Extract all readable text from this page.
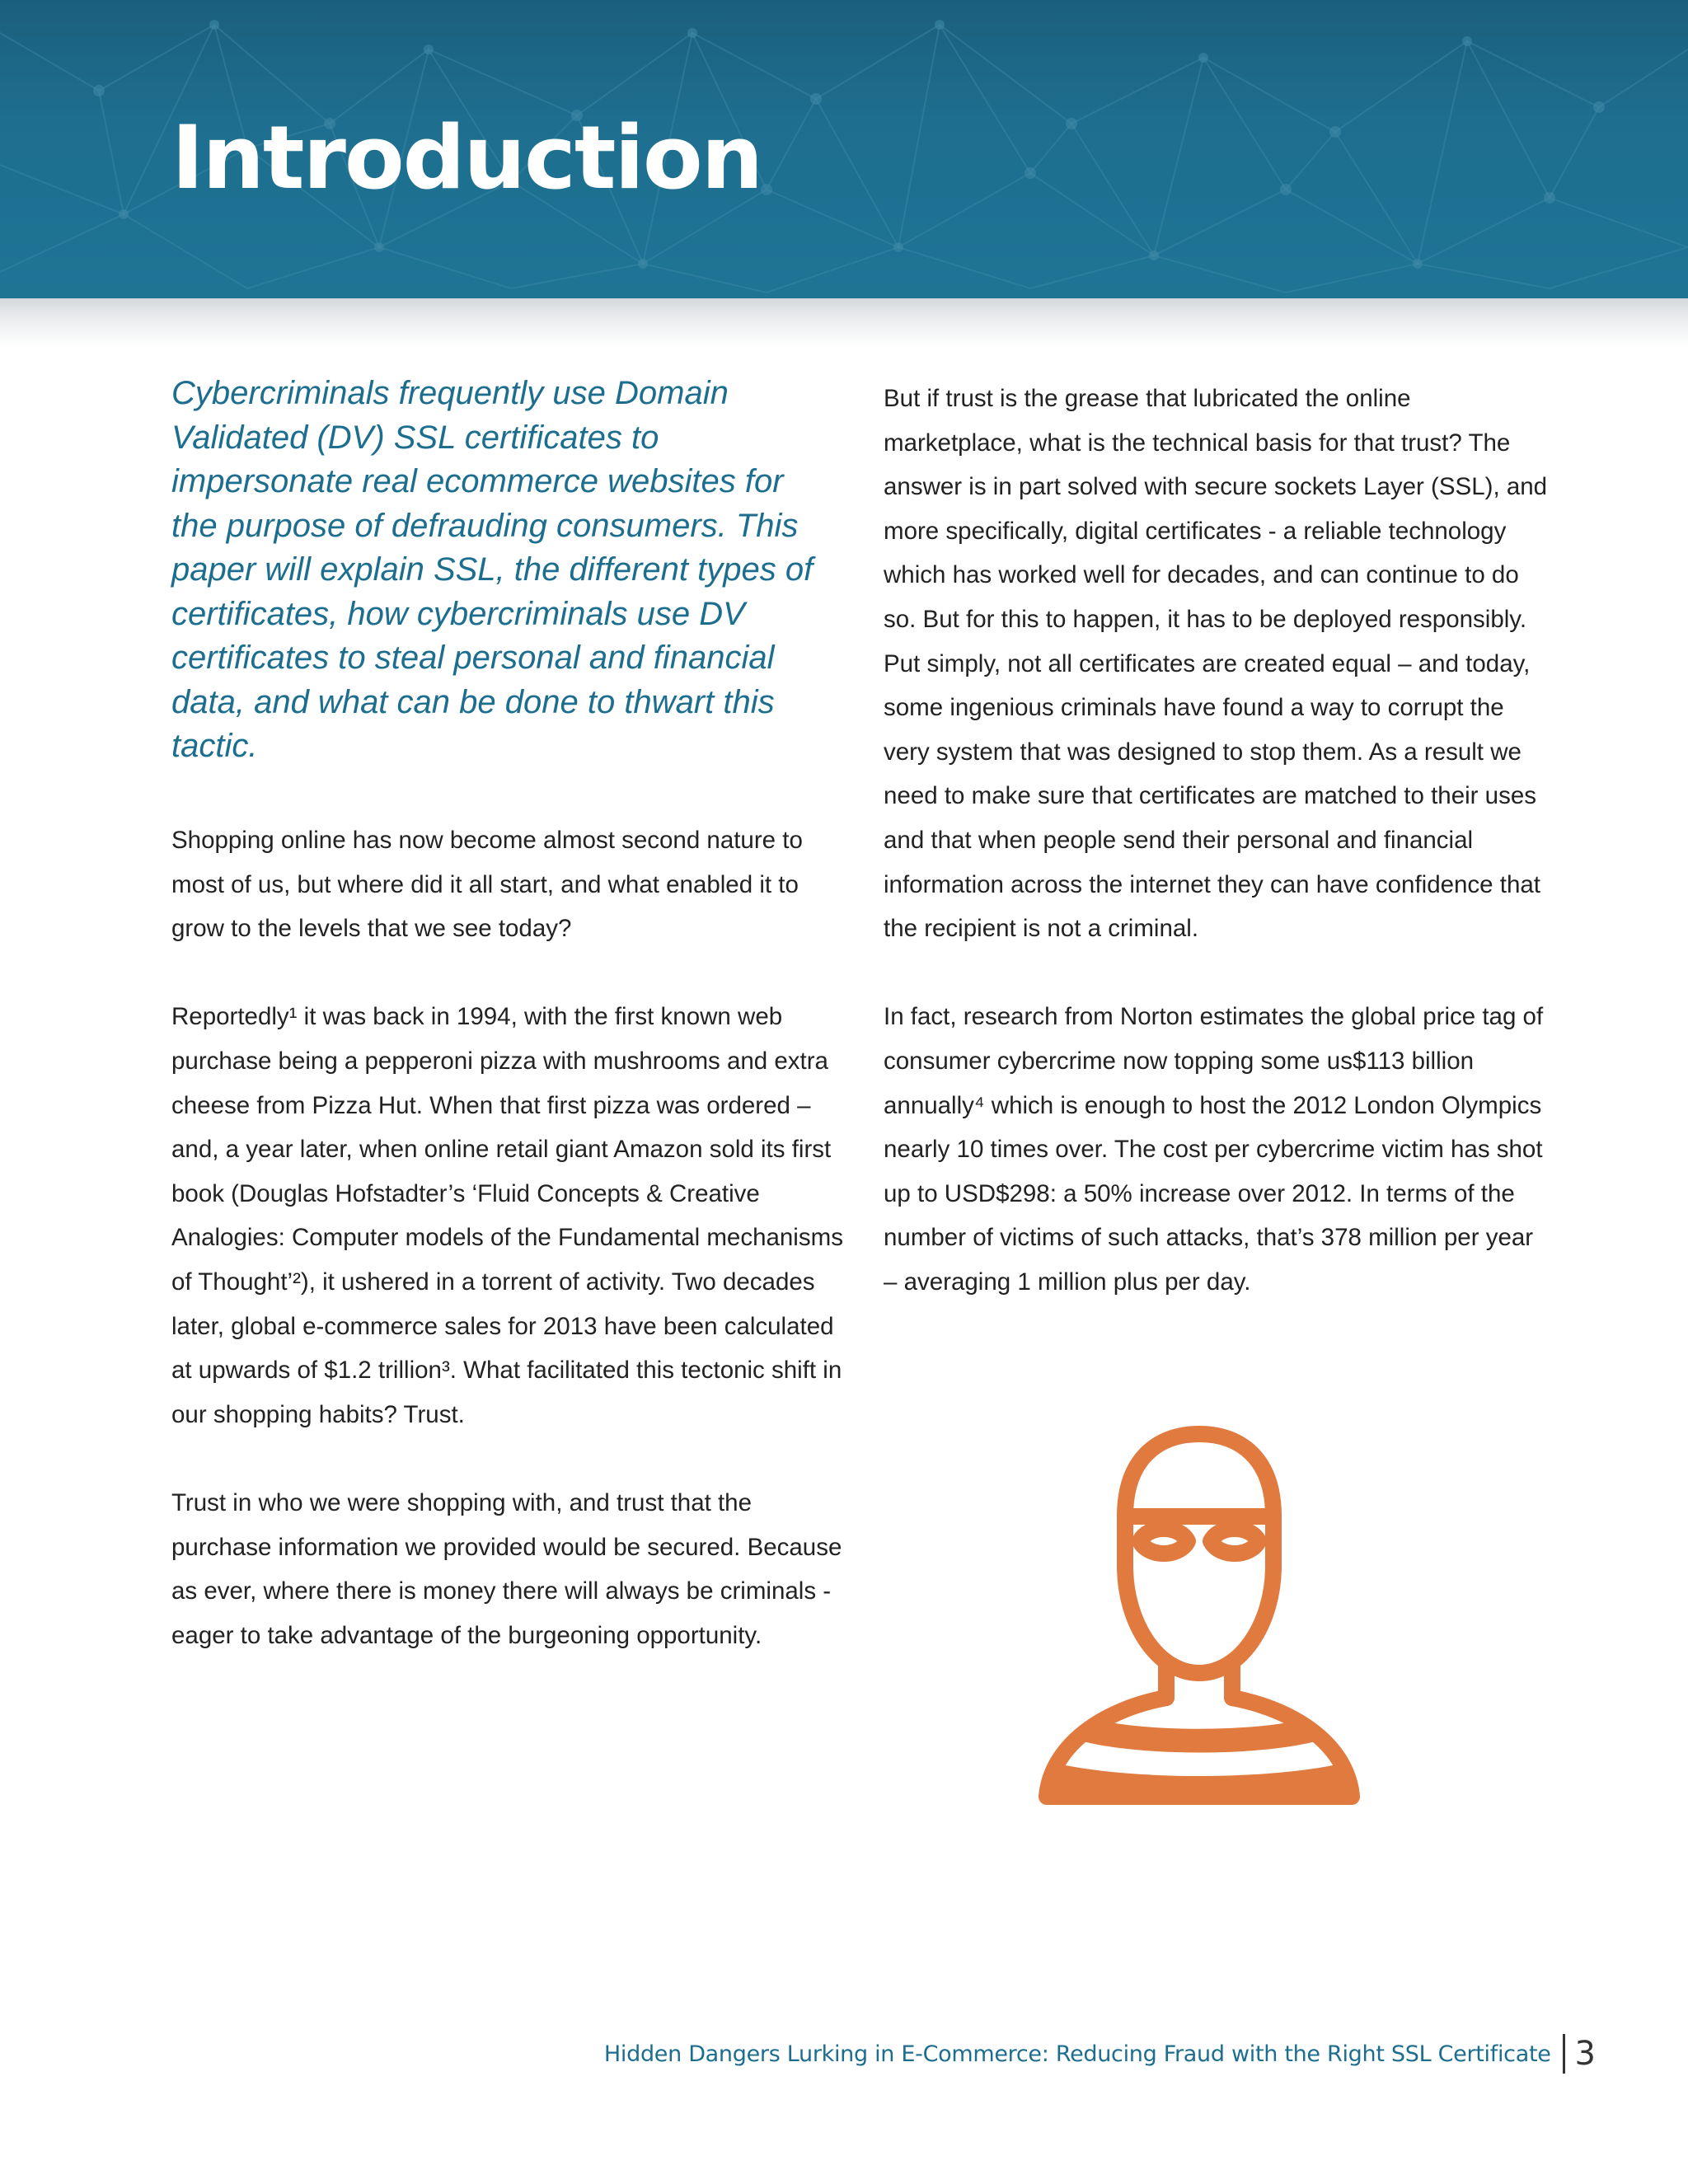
Introduction

Cybercriminals frequently use Domain Validated (DV) SSL certificates to impersonate real ecommerce websites for the purpose of defrauding consumers. This paper will explain SSL, the different types of certificates, how cybercriminals use DV certificates to steal personal and financial data, and what can be done to thwart this tactic.

Shopping online has now become almost second nature to most of us, but where did it all start, and what enabled it to grow to the levels that we see today?

Reportedly¹ it was back in 1994, with the first known web purchase being a pepperoni pizza with mushrooms and extra cheese from Pizza Hut. When that first pizza was ordered – and, a year later, when online retail giant Amazon sold its first book (Douglas Hofstadter’s ‘Fluid Concepts & Creative Analogies: Computer models of the Fundamental mechanisms of Thought’²), it ushered in a torrent of activity. Two decades later, global e-commerce sales for 2013 have been calculated at upwards of $1.2 trillion³. What facilitated this tectonic shift in our shopping habits? Trust.

Trust in who we were shopping with, and trust that the purchase information we provided would be secured. Because as ever, where there is money there will always be criminals - eager to take advantage of the burgeoning opportunity.

But if trust is the grease that lubricated the online marketplace, what is the technical basis for that trust? The answer is in part solved with secure sockets Layer (SSL), and more specifically, digital certificates - a reliable technology which has worked well for decades, and can continue to do so. But for this to happen, it has to be deployed responsibly. Put simply, not all certificates are created equal – and today, some ingenious criminals have found a way to corrupt the very system that was designed to stop them. As a result we need to make sure that certificates are matched to their uses and that when people send their personal and financial information across the internet they can have confidence that the recipient is not a criminal.

In fact, research from Norton estimates the global price tag of consumer cybercrime now topping some us$113 billion annually⁴ which is enough to host the 2012 London Olympics nearly 10 times over. The cost per cybercrime victim has shot up to USD$298: a 50% increase over 2012. In terms of the number of victims of such attacks, that’s 378 million per year – averaging 1 million plus per day.

Hidden Dangers Lurking in E-Commerce: Reducing Fraud with the Right SSL Certificate 3
